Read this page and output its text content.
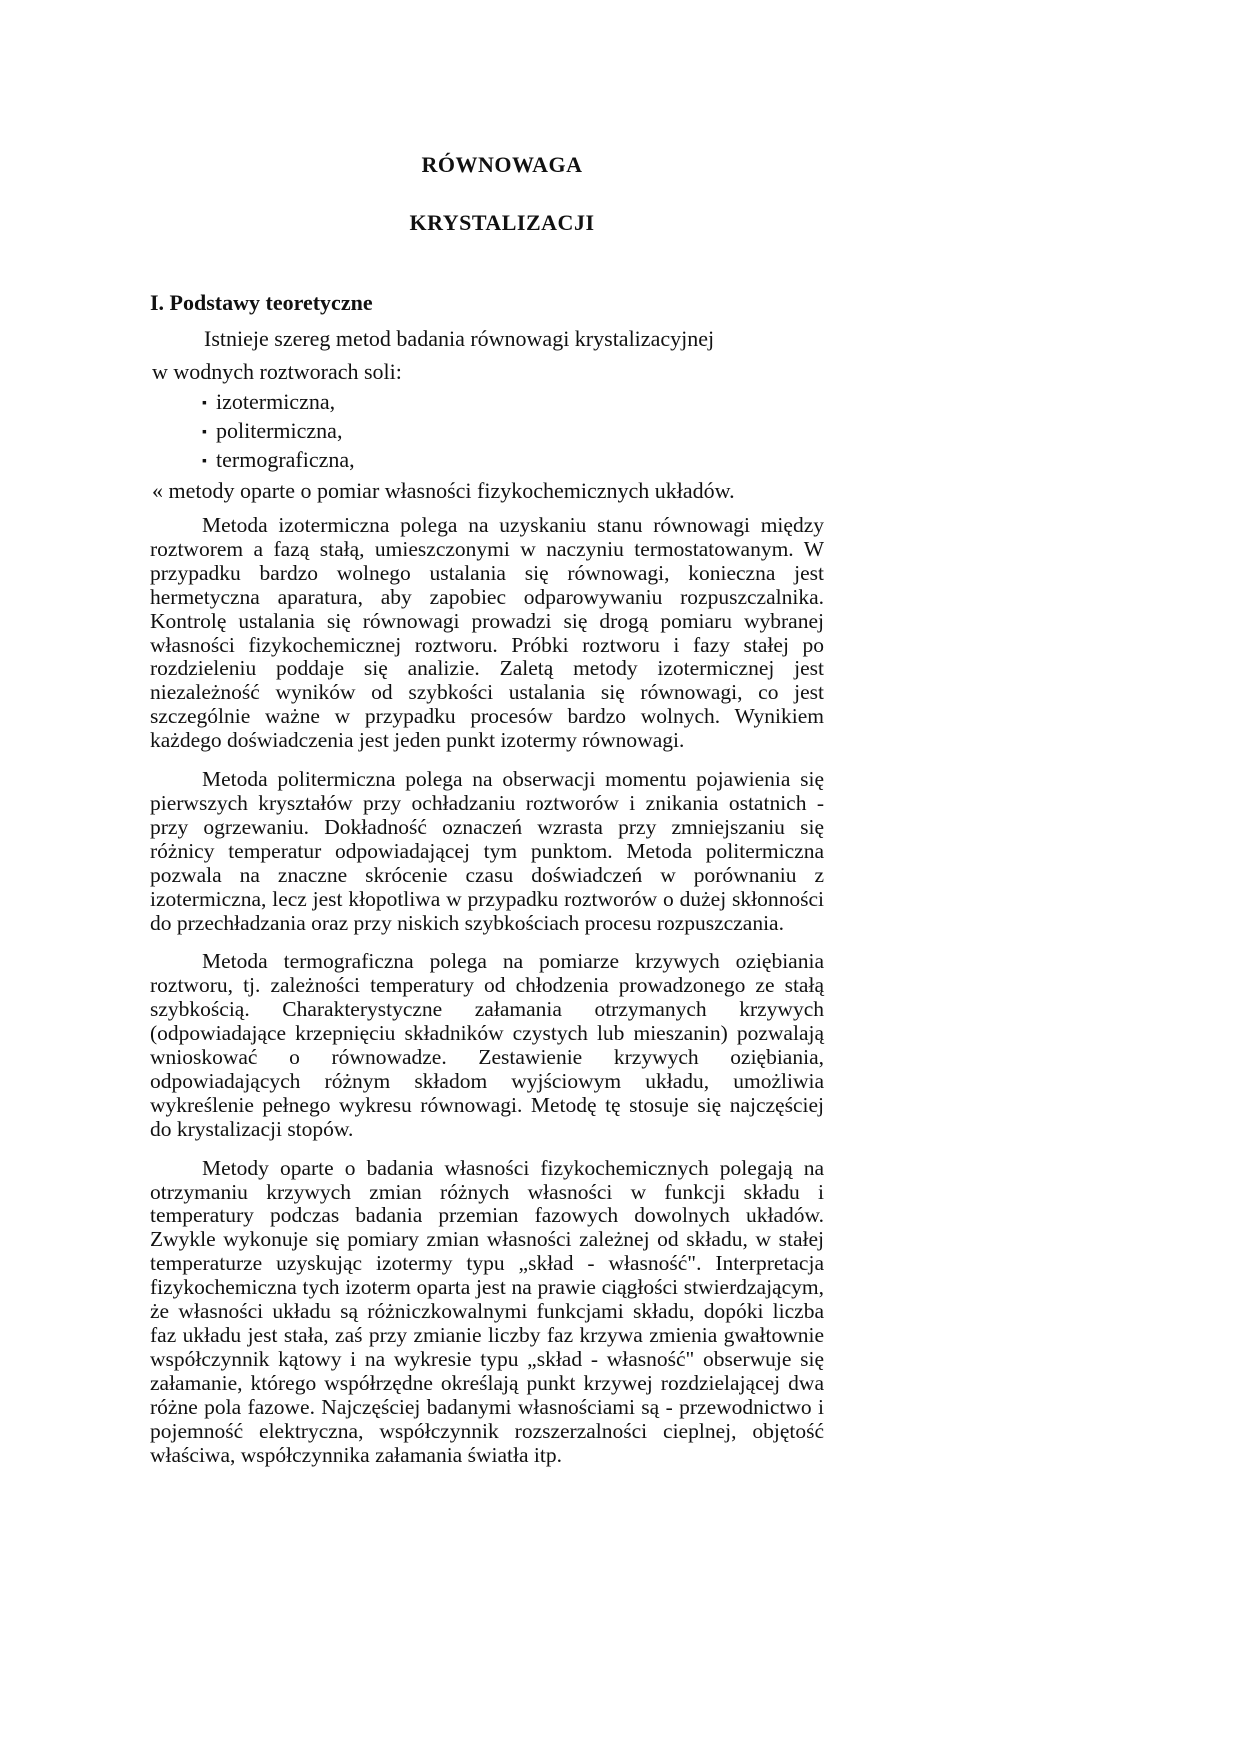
RÓWNOWAGA
KRYSTALIZACJI
I. Podstawy teoretyczne

Istnieje szereg metod badania równowagi krystalizacyjnej

w wodnych roztworach soli:

▪ izotermiczna,
▪ politermiczna,
▪ termograficzna,

« metody oparte o pomiar własności fizykochemicznych układów.

Metoda izotermiczna polega na uzyskaniu stanu równowagi między roztworem a fazą stałą, umieszczonymi w naczyniu termostatowanym. W przypadku bardzo wolnego ustalania się równowagi, konieczna jest hermetyczna aparatura, aby zapobiec odparowywaniu rozpuszczalnika. Kontrolę ustalania się równowagi prowadzi się drogą pomiaru wybranej własności fizykochemicznej roztworu. Próbki roztworu i fazy stałej po rozdzieleniu poddaje się analizie. Zaletą metody izotermicznej jest niezależność wyników od szybkości ustalania się równowagi, co jest szczególnie ważne w przypadku procesów bardzo wolnych. Wynikiem każdego doświadczenia jest jeden punkt izotermy równowagi.

Metoda politermiczna polega na obserwacji momentu pojawienia się pierwszych kryształów przy ochładzaniu roztworów i znikania ostatnich - przy ogrzewaniu. Dokładność oznaczeń wzrasta przy zmniejszaniu się różnicy temperatur odpowiadającej tym punktom. Metoda politermiczna pozwala na znaczne skrócenie czasu doświadczeń w porównaniu z izotermiczna, lecz jest kłopotliwa w przypadku roztworów o dużej skłonności do przechładzania oraz przy niskich szybkościach procesu rozpuszczania.

Metoda termograficzna polega na pomiarze krzywych oziębiania roztworu, tj. zależności temperatury od chłodzenia prowadzonego ze stałą szybkością. Charakterystyczne załamania otrzymanych krzywych (odpowiadające krzepnięciu składników czystych lub mieszanin) pozwalają wnioskować o równowadze. Zestawienie krzywych oziębiania, odpowiadających różnym składom wyjściowym układu, umożliwia wykreślenie pełnego wykresu równowagi. Metodę tę stosuje się najczęściej do krystalizacji stopów.

Metody oparte o badania własności fizykochemicznych polegają na otrzymaniu krzywych zmian różnych własności w funkcji składu i temperatury podczas badania przemian fazowych dowolnych układów. Zwykle wykonuje się pomiary zmian własności zależnej od składu, w stałej temperaturze uzyskując izotermy typu „skład - własność". Interpretacja fizykochemiczna tych izoterm oparta jest na prawie ciągłości stwierdzającym, że własności układu są różniczkowalnymi funkcjami składu, dopóki liczba faz układu jest stała, zaś przy zmianie liczby faz krzywa zmienia gwałtownie współczynnik kątowy i na wykresie typu „skład - własność" obserwuje się załamanie, którego współrzędne określają punkt krzywej rozdzielającej dwa różne pola fazowe. Najczęściej badanymi własnościami są - przewodnictwo i pojemność elektryczna, współczynnik rozszerzalności cieplnej, objętość właściwa, współczynnika załamania światła itp.
